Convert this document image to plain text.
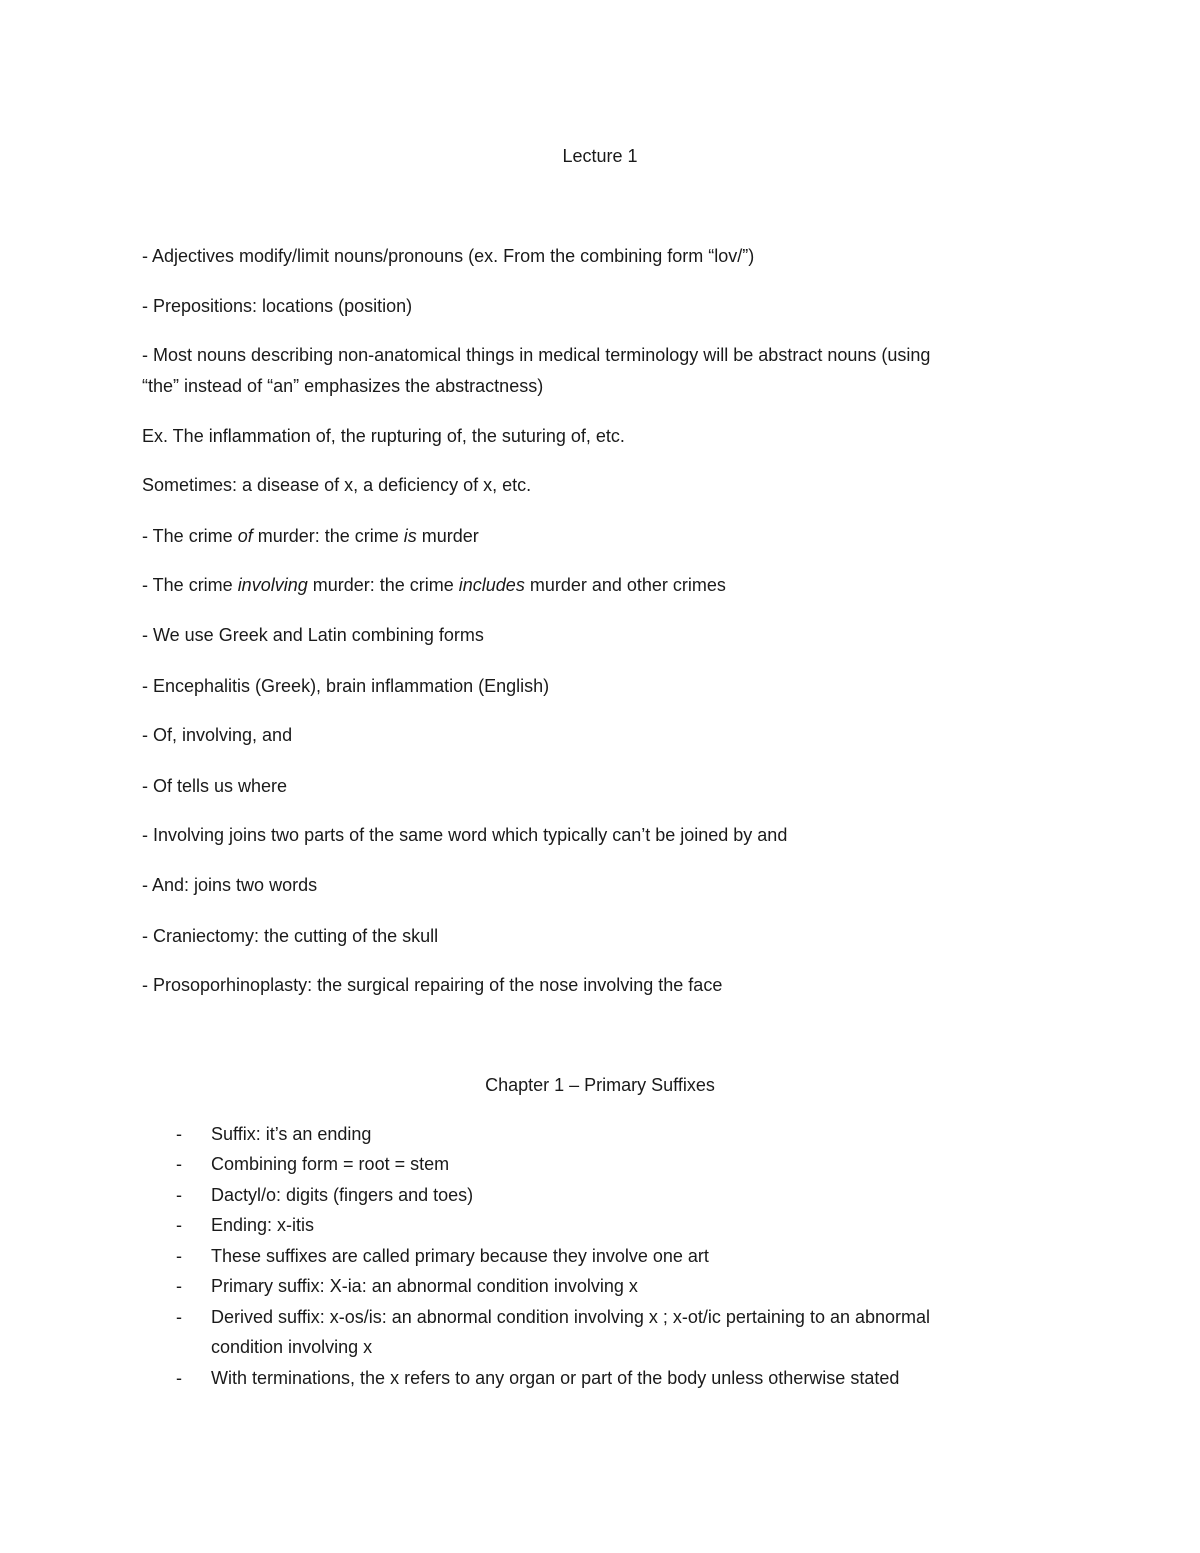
Lecture 1
- Adjectives modify/limit nouns/pronouns (ex. From the combining form “lov/”)
- Prepositions: locations (position)
- Most nouns describing non-anatomical things in medical terminology will be abstract nouns (using
“the” instead of “an” emphasizes the abstractness)
Ex. The inflammation of, the rupturing of, the suturing of, etc.
Sometimes: a disease of x, a deficiency of x, etc.
- The crime of murder: the crime is murder
- The crime involving murder: the crime includes murder and other crimes
- We use Greek and Latin combining forms
- Encephalitis (Greek), brain inflammation (English)
- Of, involving, and
- Of tells us where
- Involving joins two parts of the same word which typically can’t be joined by and
- And: joins two words
- Craniectomy: the cutting of the skull
- Prosoporhinoplasty: the surgical repairing of the nose involving the face
Chapter 1 – Primary Suffixes
- Suffix: it’s an ending
- Combining form = root = stem
- Dactyl/o: digits (fingers and toes)
- Ending: x-itis
- These suffixes are called primary because they involve one art
- Primary suffix: X-ia: an abnormal condition involving x
- Derived suffix: x-os/is: an abnormal condition involving x ; x-ot/ic pertaining to an abnormal
condition involving x
- With terminations, the x refers to any organ or part of the body unless otherwise stated
